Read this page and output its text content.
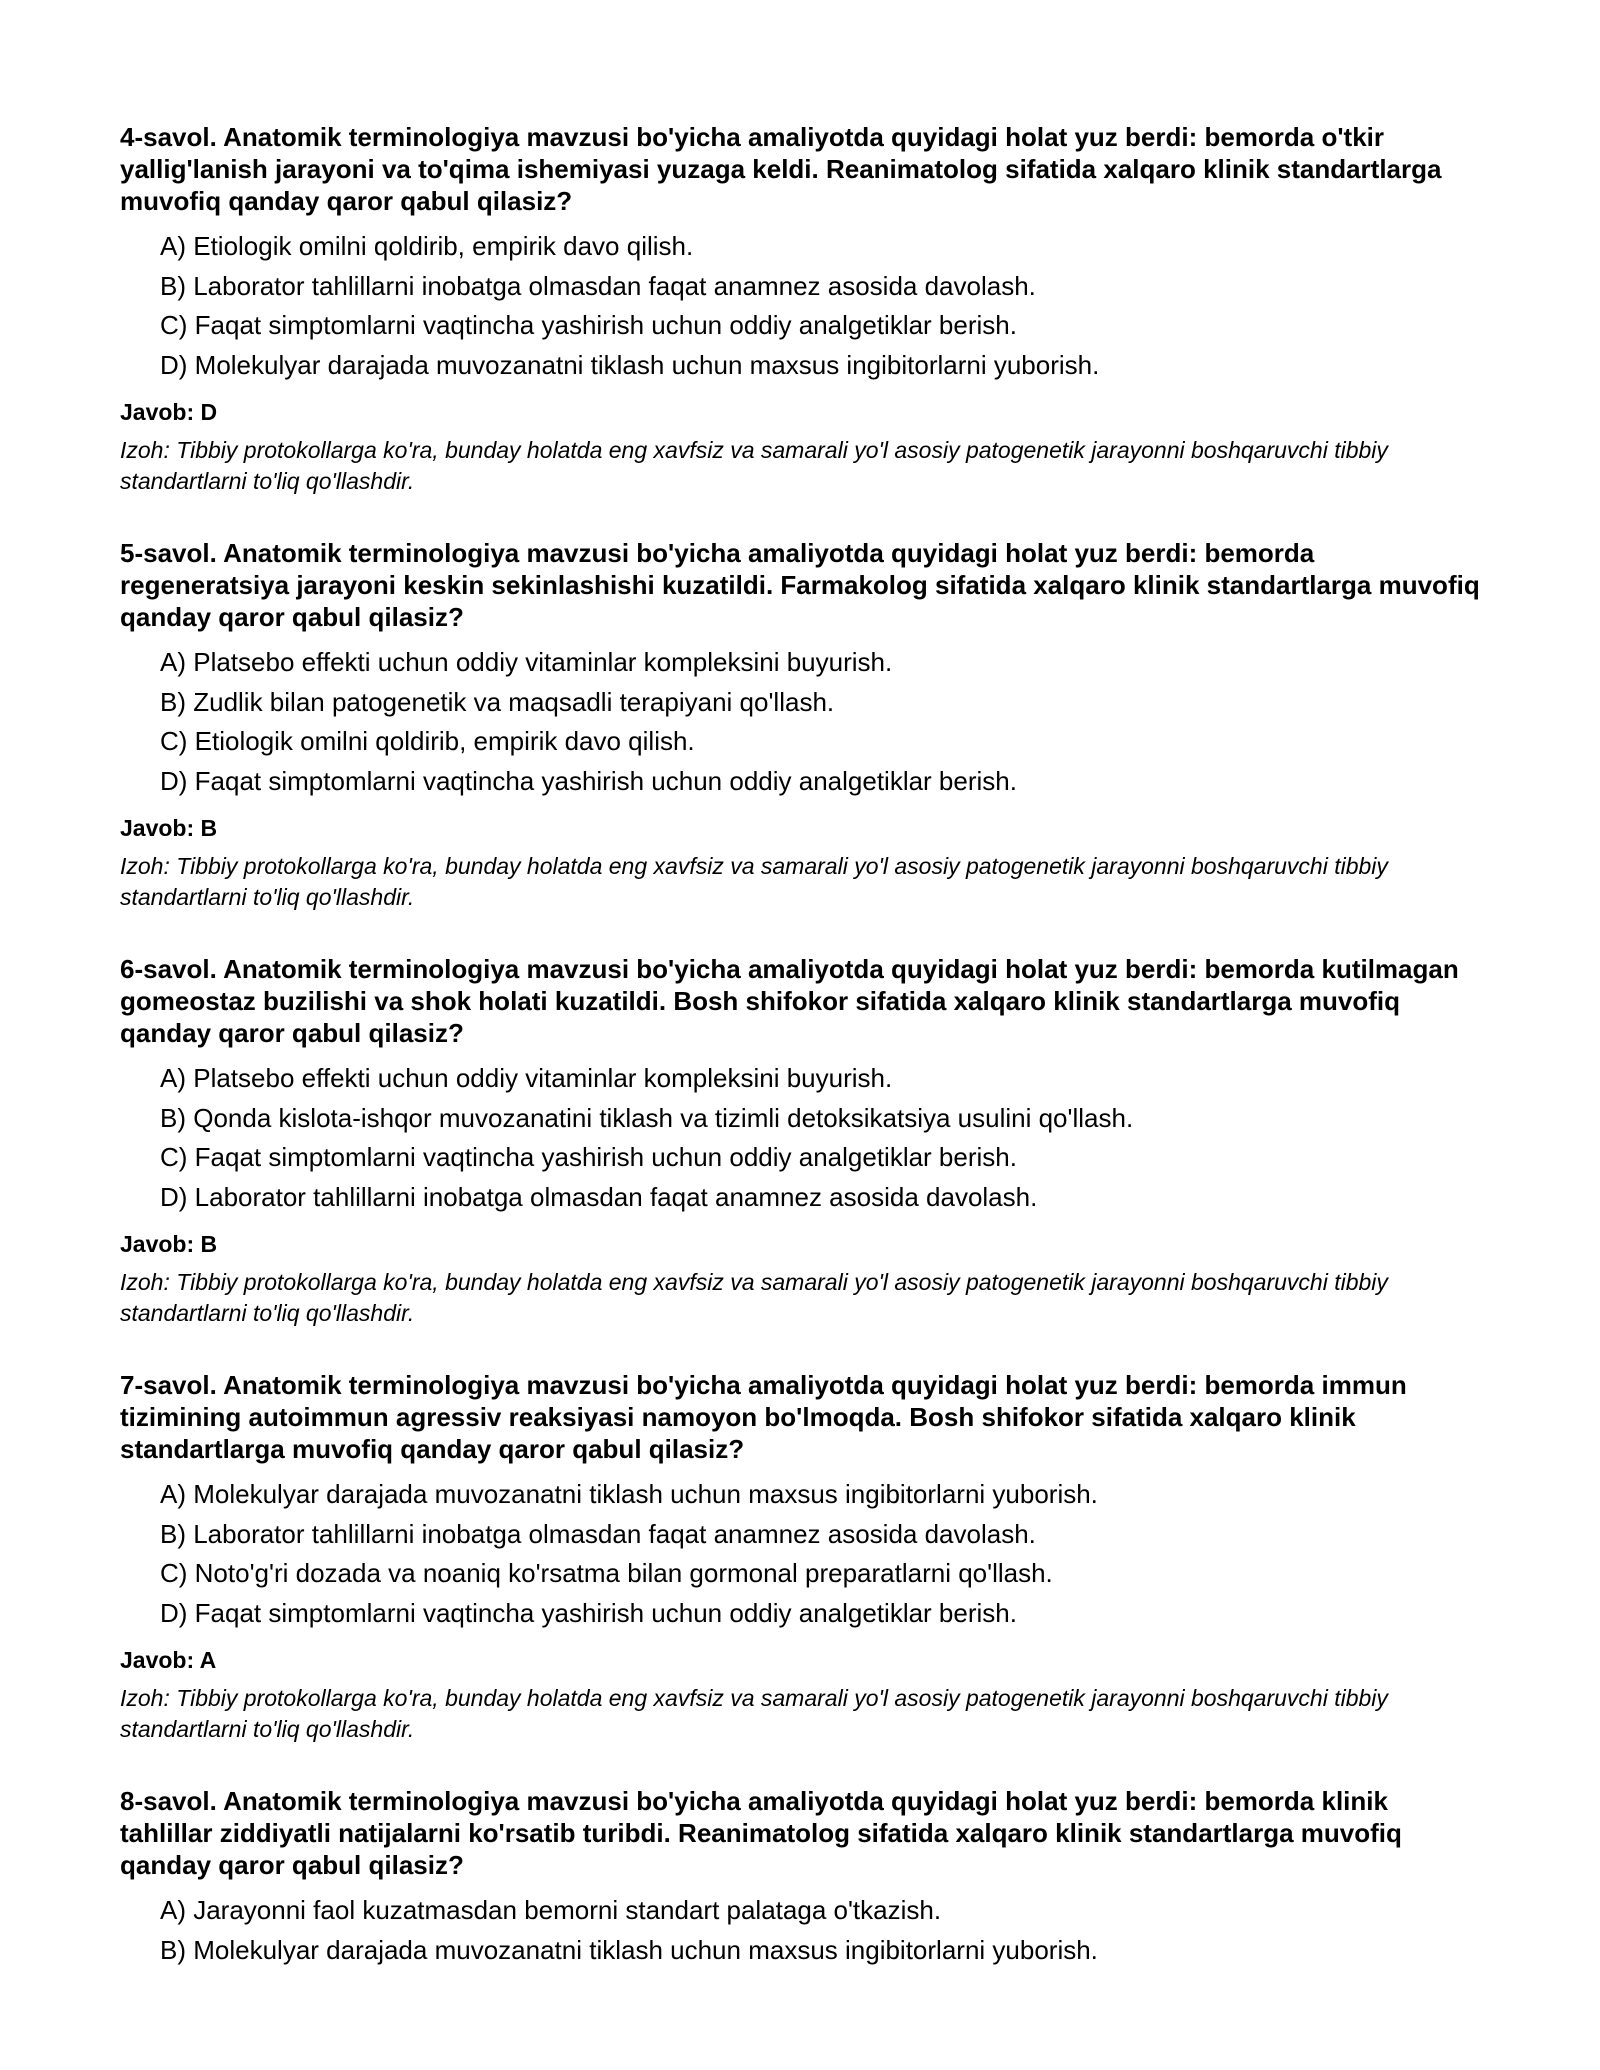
4-savol. Anatomik terminologiya mavzusi bo'yicha amaliyotda quyidagi holat yuz berdi: bemorda o'tkir yallig'lanish jarayoni va to'qima ishemiyasi yuzaga keldi. Reanimatolog sifatida xalqaro klinik standartlarga muvofiq qanday qaror qabul qilasiz?

A) Etiologik omilni qoldirib, empirik davo qilish.
B) Laborator tahlillarni inobatga olmasdan faqat anamnez asosida davolash.
C) Faqat simptomlarni vaqtincha yashirish uchun oddiy analgetiklar berish.
D) Molekulyar darajada muvozanatni tiklash uchun maxsus ingibitorlarni yuborish.

Javob: D

Izoh: Tibbiy protokollarga ko'ra, bunday holatda eng xavfsiz va samarali yo'l asosiy patogenetik jarayonni boshqaruvchi tibbiy standartlarni to'liq qo'llashdir.

5-savol. Anatomik terminologiya mavzusi bo'yicha amaliyotda quyidagi holat yuz berdi: bemorda regeneratsiya jarayoni keskin sekinlashishi kuzatildi. Farmakolog sifatida xalqaro klinik standartlarga muvofiq qanday qaror qabul qilasiz?

A) Platsebo effekti uchun oddiy vitaminlar kompleksini buyurish.
B) Zudlik bilan patogenetik va maqsadli terapiyani qo'llash.
C) Etiologik omilni qoldirib, empirik davo qilish.
D) Faqat simptomlarni vaqtincha yashirish uchun oddiy analgetiklar berish.

Javob: B

Izoh: Tibbiy protokollarga ko'ra, bunday holatda eng xavfsiz va samarali yo'l asosiy patogenetik jarayonni boshqaruvchi tibbiy standartlarni to'liq qo'llashdir.

6-savol. Anatomik terminologiya mavzusi bo'yicha amaliyotda quyidagi holat yuz berdi: bemorda kutilmagan gomeostaz buzilishi va shok holati kuzatildi. Bosh shifokor sifatida xalqaro klinik standartlarga muvofiq qanday qaror qabul qilasiz?

A) Platsebo effekti uchun oddiy vitaminlar kompleksini buyurish.
B) Qonda kislota-ishqor muvozanatini tiklash va tizimli detoksikatsiya usulini qo'llash.
C) Faqat simptomlarni vaqtincha yashirish uchun oddiy analgetiklar berish.
D) Laborator tahlillarni inobatga olmasdan faqat anamnez asosida davolash.

Javob: B

Izoh: Tibbiy protokollarga ko'ra, bunday holatda eng xavfsiz va samarali yo'l asosiy patogenetik jarayonni boshqaruvchi tibbiy standartlarni to'liq qo'llashdir.

7-savol. Anatomik terminologiya mavzusi bo'yicha amaliyotda quyidagi holat yuz berdi: bemorda immun tizimining autoimmun agressiv reaksiyasi namoyon bo'lmoqda. Bosh shifokor sifatida xalqaro klinik standartlarga muvofiq qanday qaror qabul qilasiz?

A) Molekulyar darajada muvozanatni tiklash uchun maxsus ingibitorlarni yuborish.
B) Laborator tahlillarni inobatga olmasdan faqat anamnez asosida davolash.
C) Noto'g'ri dozada va noaniq ko'rsatma bilan gormonal preparatlarni qo'llash.
D) Faqat simptomlarni vaqtincha yashirish uchun oddiy analgetiklar berish.

Javob: A

Izoh: Tibbiy protokollarga ko'ra, bunday holatda eng xavfsiz va samarali yo'l asosiy patogenetik jarayonni boshqaruvchi tibbiy standartlarni to'liq qo'llashdir.

8-savol. Anatomik terminologiya mavzusi bo'yicha amaliyotda quyidagi holat yuz berdi: bemorda klinik tahlillar ziddiyatli natijalarni ko'rsatib turibdi. Reanimatolog sifatida xalqaro klinik standartlarga muvofiq qanday qaror qabul qilasiz?

A) Jarayonni faol kuzatmasdan bemorni standart palataga o'tkazish.
B) Molekulyar darajada muvozanatni tiklash uchun maxsus ingibitorlarni yuborish.
